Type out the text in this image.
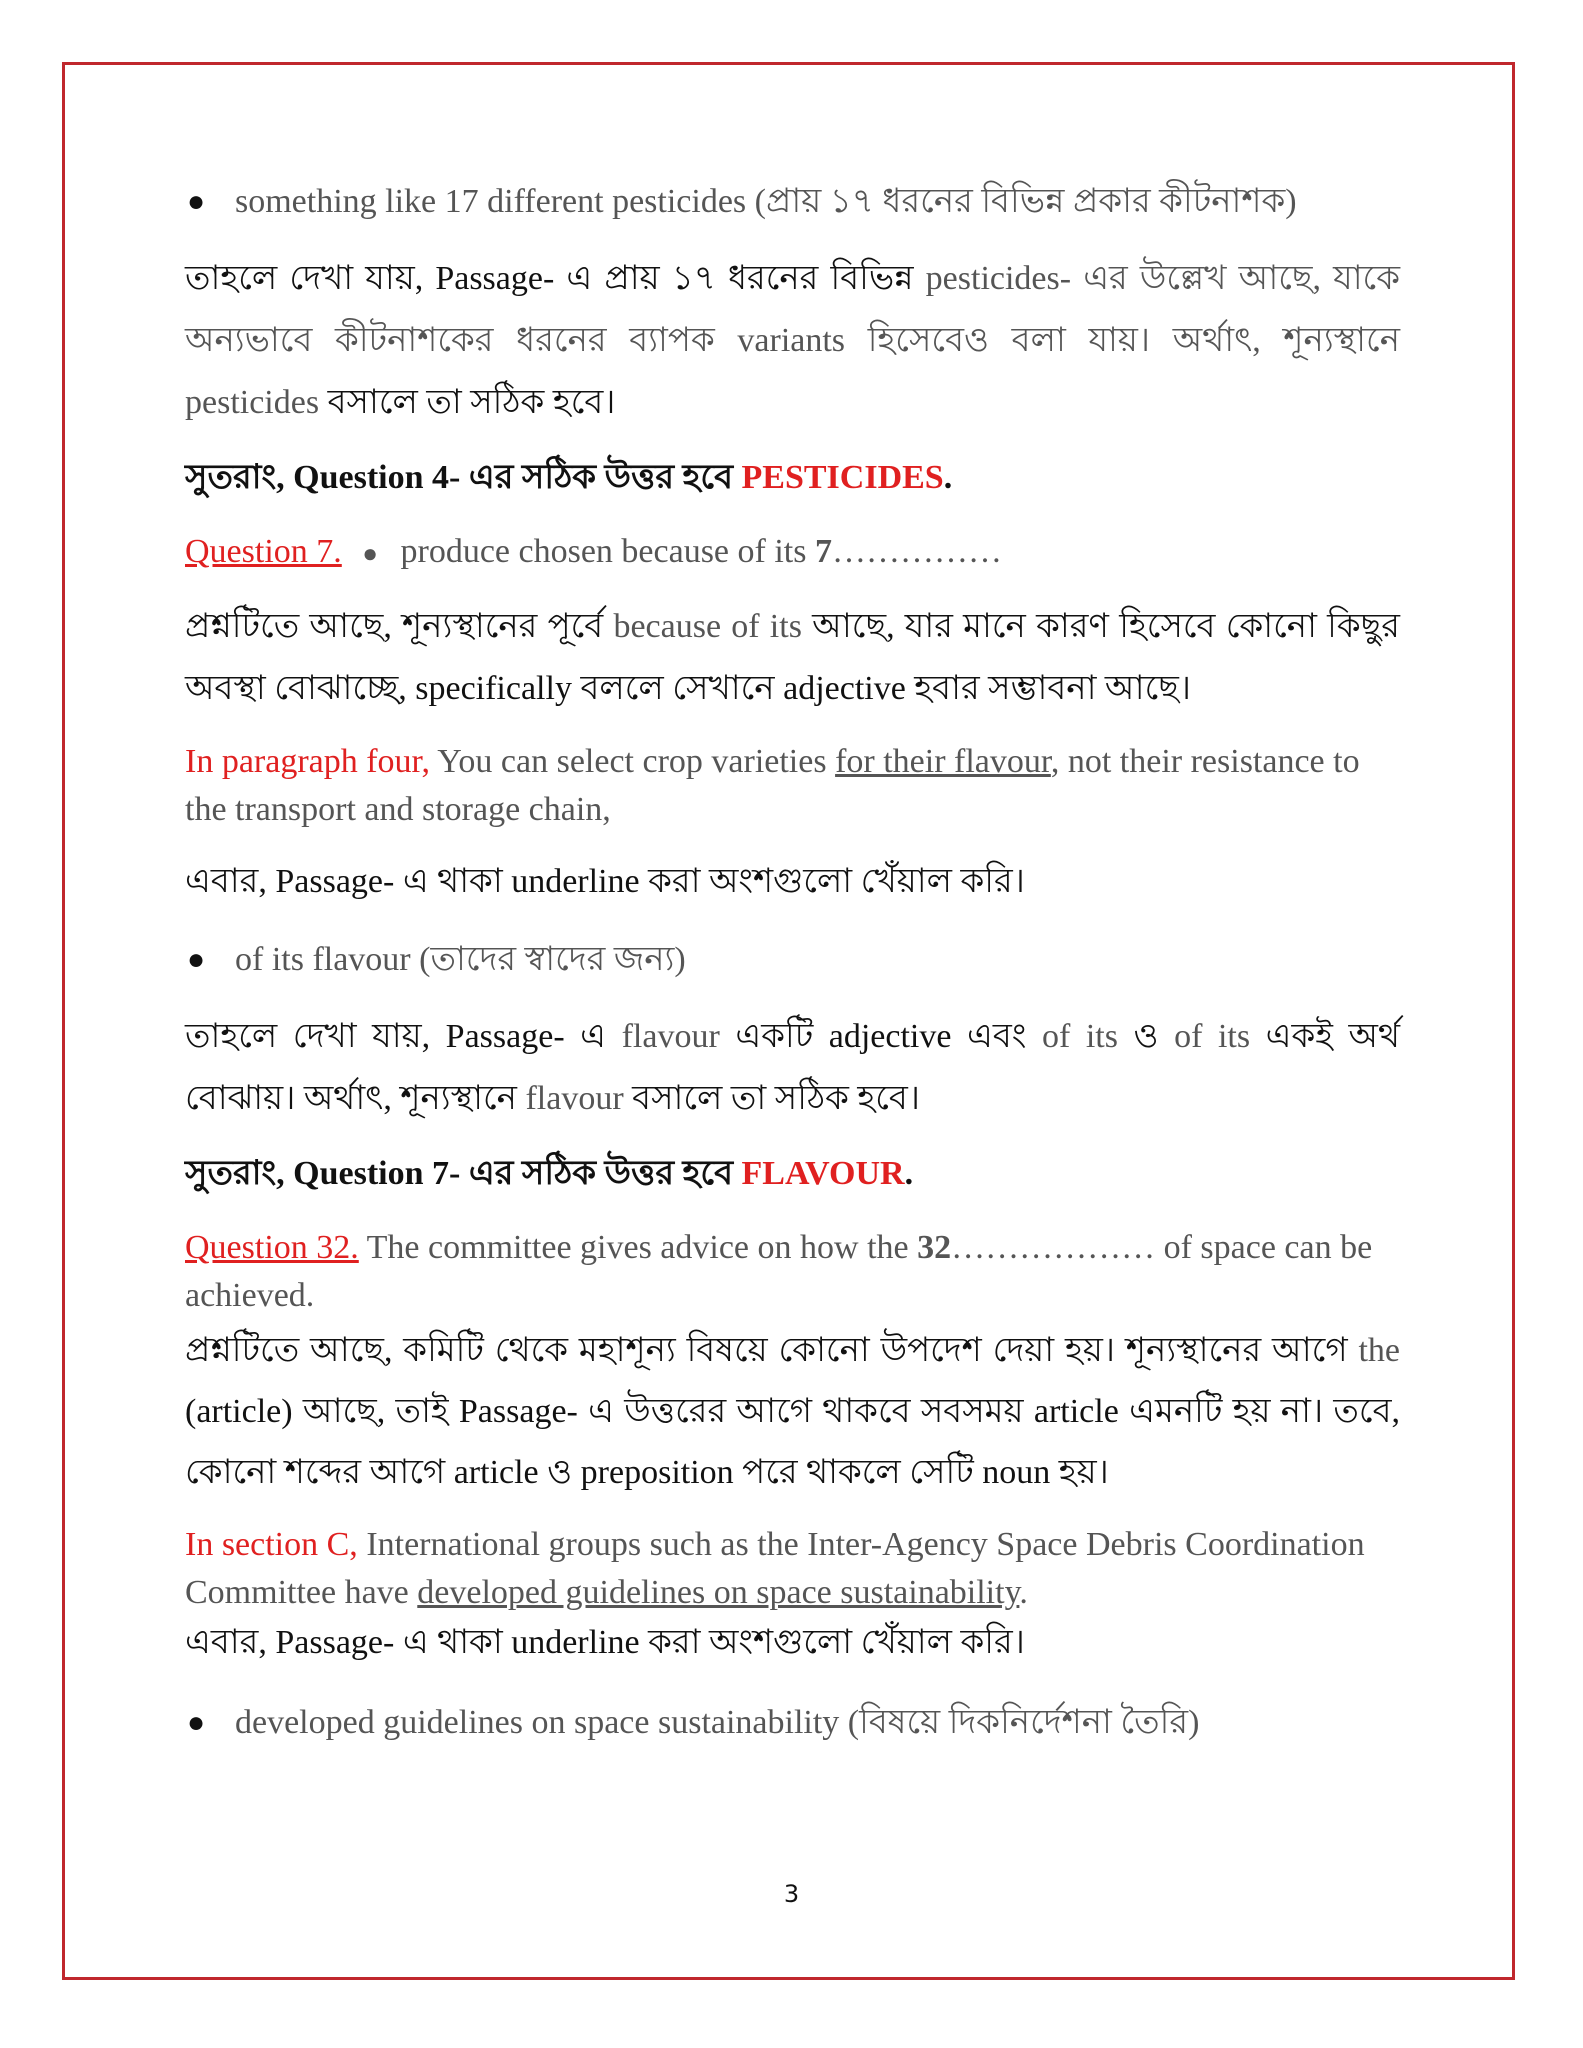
● something like 17 different pesticides (প্রায় ১৭ ধরনের বিভিন্ন প্রকার কীটনাশক)

তাহলে দেখা যায়, Passage- এ প্রায় ১৭ ধরনের বিভিন্ন pesticides- এর উল্লেখ আছে, যাকে অন্যভাবে কীটনাশকের ধরনের ব্যাপক variants হিসেবেও বলা যায়। অর্থাৎ, শূন্যস্থানে pesticides বসালে তা সঠিক হবে।

সুতরাং, Question 4- এর সঠিক উত্তর হবে PESTICIDES.

Question 7. ● produce chosen because of its 7……………

প্রশ্নটিতে আছে, শূন্যস্থানের পূর্বে because of its আছে, যার মানে কারণ হিসেবে কোনো কিছুর অবস্থা বোঝাচ্ছে, specifically বললে সেখানে adjective হবার সম্ভাবনা আছে।

In paragraph four, You can select crop varieties for their flavour, not their resistance to the transport and storage chain,

এবার, Passage- এ থাকা underline করা অংশগুলো খেঁয়াল করি।

● of its flavour (তাদের স্বাদের জন্য)

তাহলে দেখা যায়, Passage- এ flavour একটি adjective এবং of its ও of its একই অর্থ বোঝায়। অর্থাৎ, শূন্যস্থানে flavour বসালে তা সঠিক হবে।

সুতরাং, Question 7- এর সঠিক উত্তর হবে FLAVOUR.

Question 32. The committee gives advice on how the 32……………… of space can be achieved.

প্রশ্নটিতে আছে, কমিটি থেকে মহাশূন্য বিষয়ে কোনো উপদেশ দেয়া হয়। শূন্যস্থানের আগে the (article) আছে, তাই Passage- এ উত্তরের আগে থাকবে সবসময় article এমনটি হয় না। তবে, কোনো শব্দের আগে article ও preposition পরে থাকলে সেটি noun হয়।

In section C, International groups such as the Inter-Agency Space Debris Coordination Committee have developed guidelines on space sustainability.

এবার, Passage- এ থাকা underline করা অংশগুলো খেঁয়াল করি।

● developed guidelines on space sustainability (বিষয়ে দিকনির্দেশনা তৈরি)
3
